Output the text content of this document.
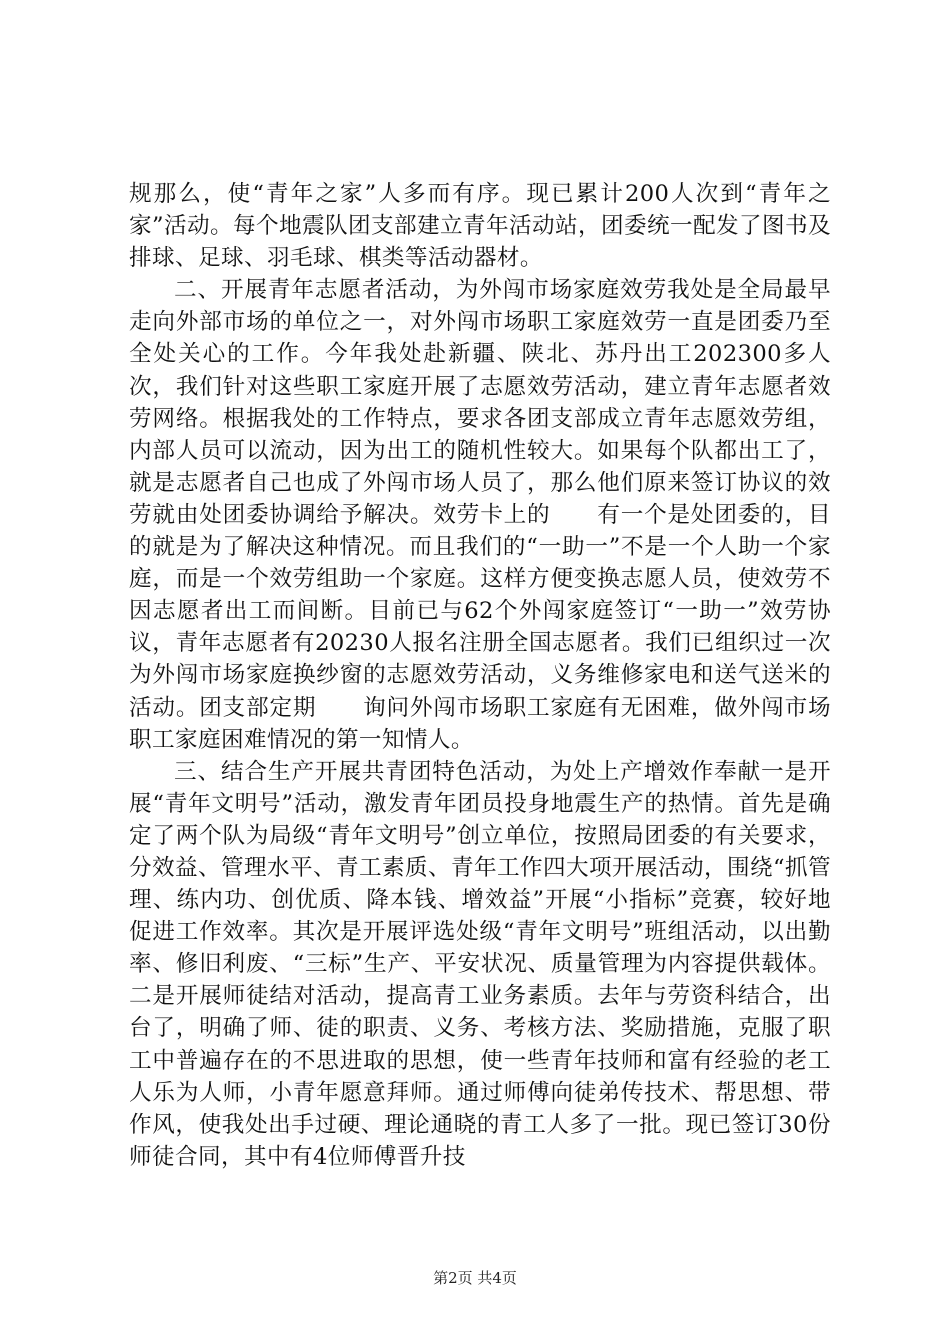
规那么，使“青年之家”人多而有序。现已累计200人次到“青年之家”活动。每个地震队团支部建立青年活动站，团委统一配发了图书及排球、足球、羽毛球、棋类等活动器材。

二、开展青年志愿者活动，为外闯市场家庭效劳我处是全局最早走向外部市场的单位之一，对外闯市场职工家庭效劳一直是团委乃至全处关心的工作。今年我处赴新疆、陕北、苏丹出工202300多人次，我们针对这些职工家庭开展了志愿效劳活动，建立青年志愿者效劳网络。根据我处的工作特点，要求各团支部成立青年志愿效劳组，内部人员可以流动，因为出工的随机性较大。如果每个队都出工了，就是志愿者自己也成了外闯市场人员了，那么他们原来签订协议的效劳就由处团委协调给予解决。效劳卡上的　　有一个是处团委的，目的就是为了解决这种情况。而且我们的“一助一”不是一个人助一个家庭，而是一个效劳组助一个家庭。这样方便变换志愿人员，使效劳不因志愿者出工而间断。目前已与62个外闯家庭签订“一助一”效劳协议，青年志愿者有20230人报名注册全国志愿者。我们已组织过一次为外闯市场家庭换纱窗的志愿效劳活动，义务维修家电和送气送米的活动。团支部定期　　询问外闯市场职工家庭有无困难，做外闯市场职工家庭困难情况的第一知情人。

三、结合生产开展共青团特色活动，为处上产增效作奉献一是开展“青年文明号”活动，激发青年团员投身地震生产的热情。首先是确定了两个队为局级“青年文明号”创立单位，按照局团委的有关要求，分效益、管理水平、青工素质、青年工作四大项开展活动，围绕“抓管理、练内功、创优质、降本钱、增效益”开展“小指标”竞赛，较好地促进工作效率。其次是开展评选处级“青年文明号”班组活动，以出勤率、修旧利废、“三标”生产、平安状况、质量管理为内容提供载体。二是开展师徒结对活动，提高青工业务素质。去年与劳资科结合，出台了，明确了师、徒的职责、义务、考核方法、奖励措施，克服了职工中普遍存在的不思进取的思想，使一些青年技师和富有经验的老工人乐为人师，小青年愿意拜师。通过师傅向徒弟传技术、帮思想、带作风，使我处出手过硬、理论通晓的青工人多了一批。现已签订30份师徒合同，其中有4位师傅晋升技

第2页 共4页
